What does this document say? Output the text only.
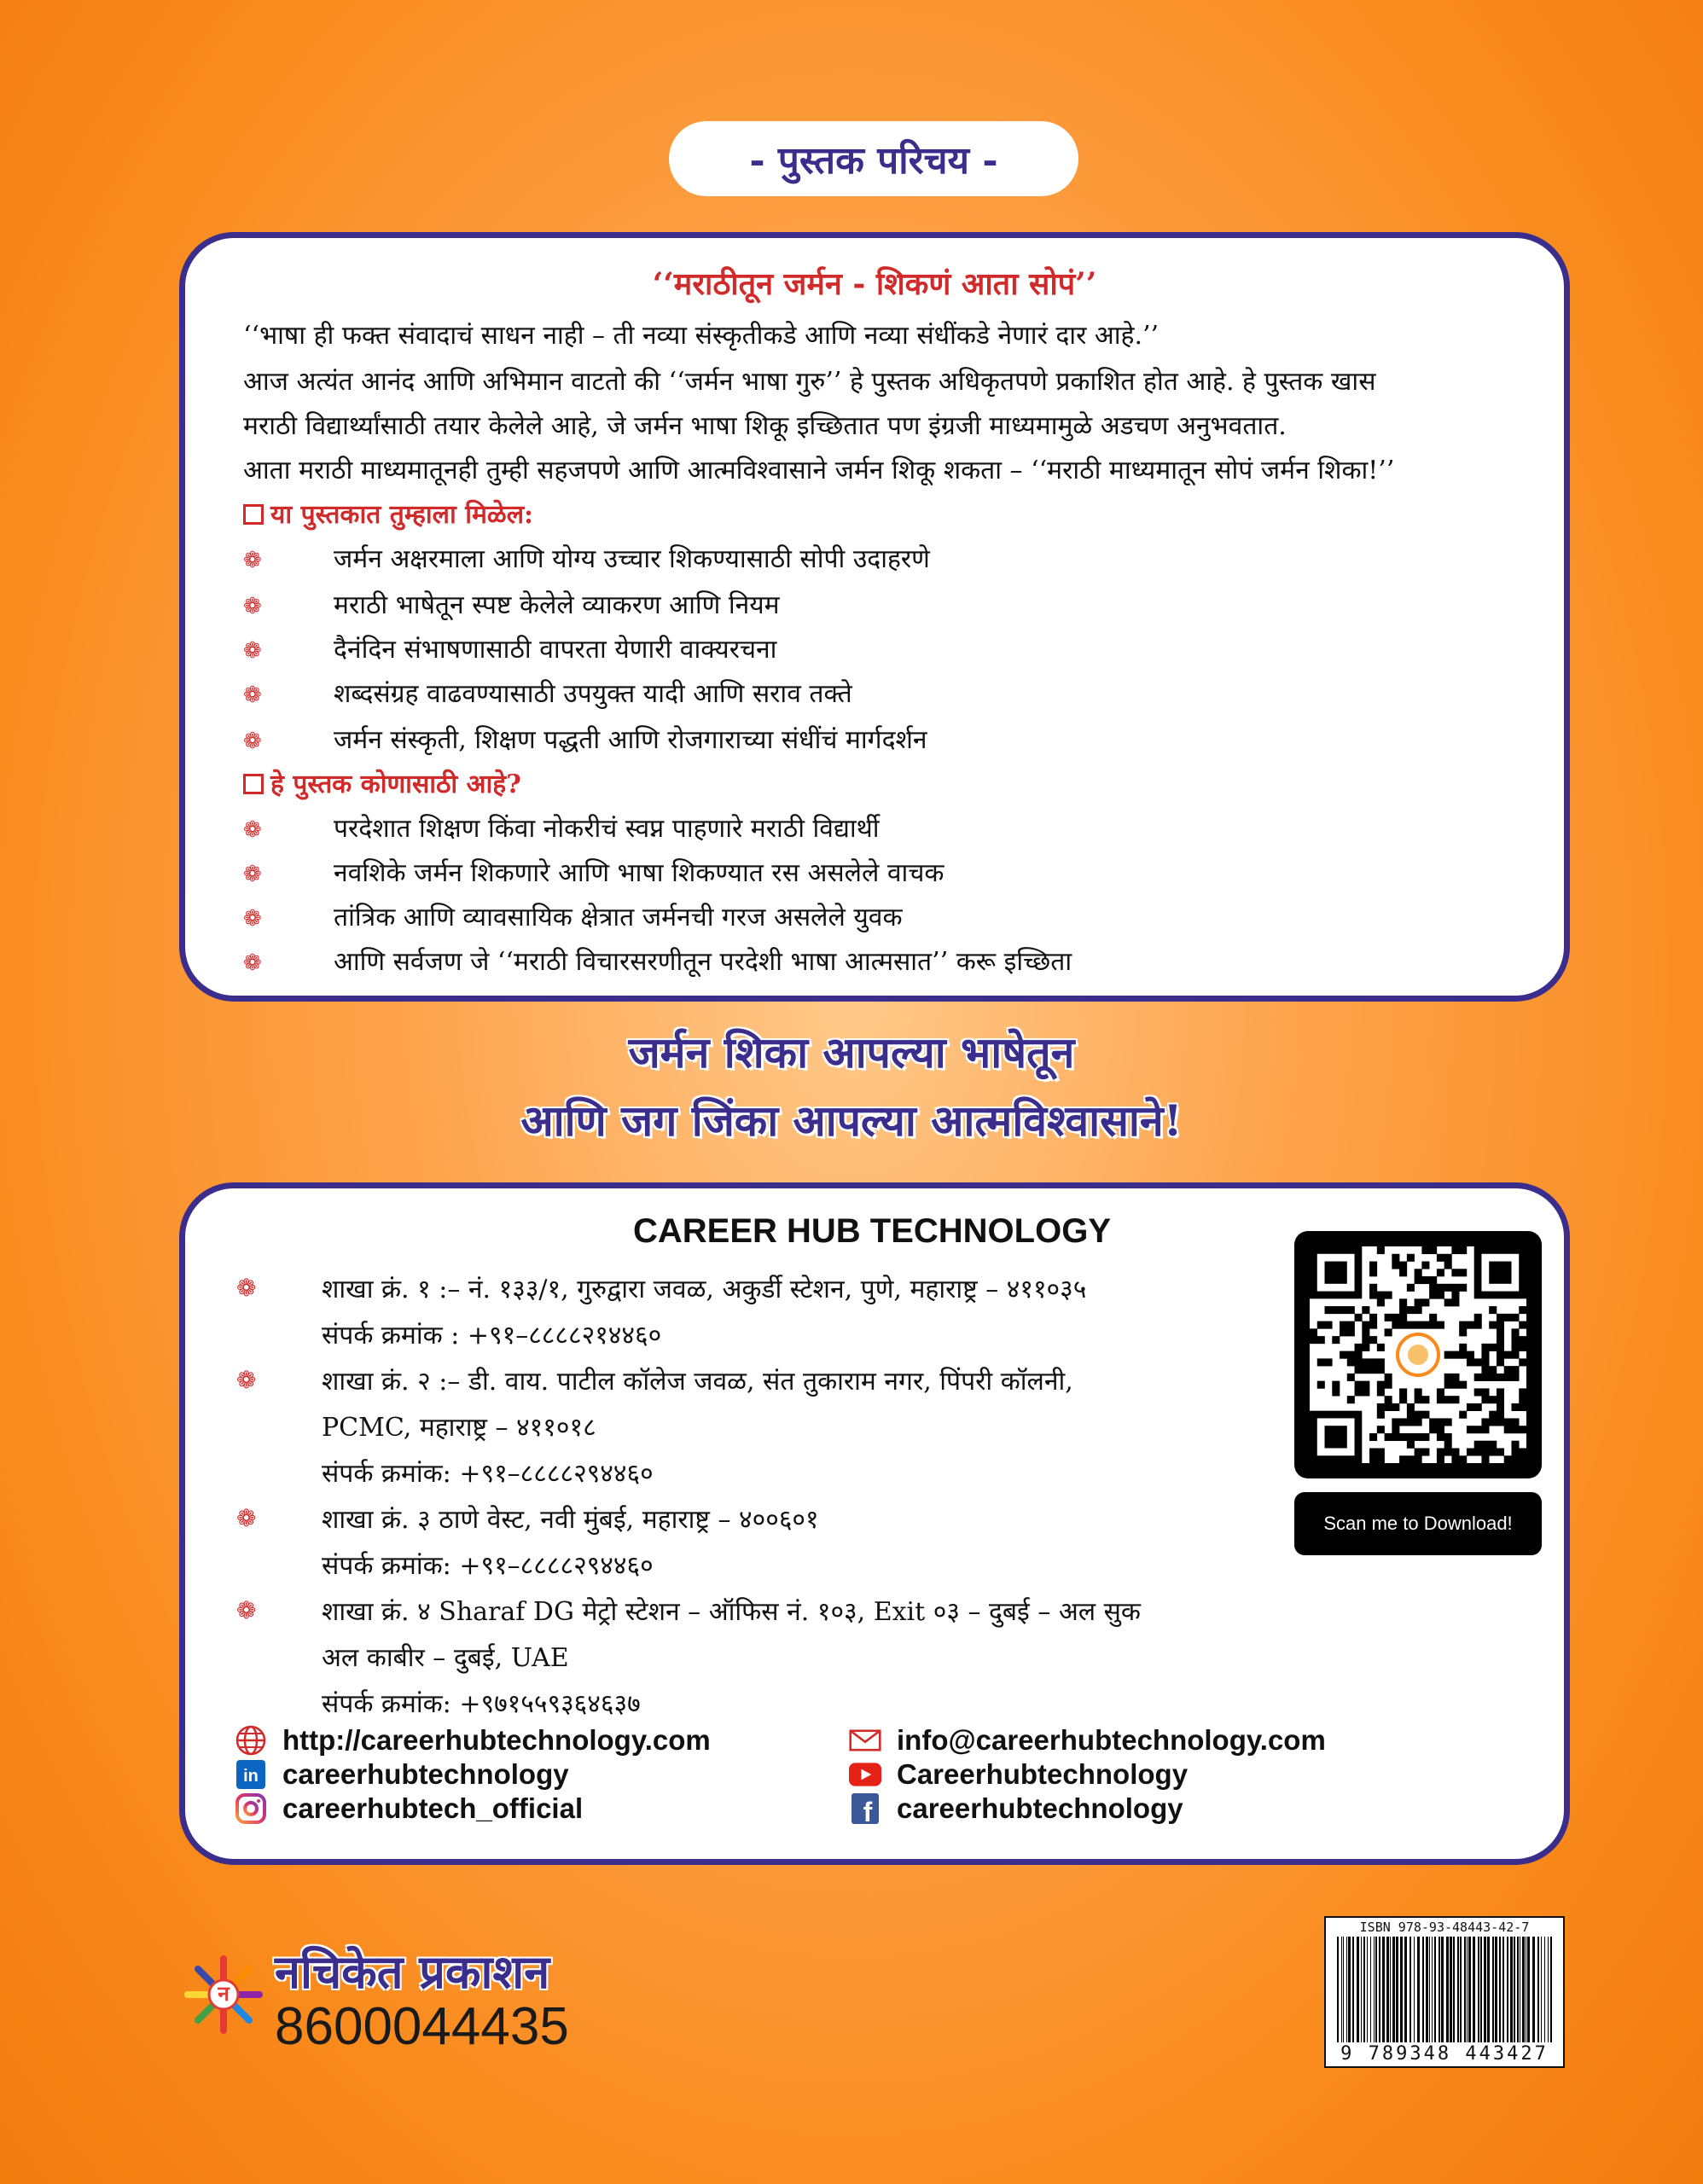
- पुस्तक परिचय -
‘‘मराठीतून जर्मन - शिकणं आता सोपं’’
‘‘भाषा ही फक्त संवादाचं साधन नाही – ती नव्या संस्कृतीकडे आणि नव्या संधींकडे नेणारं दार आहे.’’
आज अत्यंत आनंद आणि अभिमान वाटतो की ‘‘जर्मन भाषा गुरु’’ हे पुस्तक अधिकृतपणे प्रकाशित होत आहे. हे पुस्तक खास
मराठी विद्यार्थ्यांसाठी तयार केलेले आहे, जे जर्मन भाषा शिकू इच्छितात पण इंग्रजी माध्यमामुळे अडचण अनुभवतात.
आता मराठी माध्यमातूनही तुम्ही सहजपणे आणि आत्मविश्वासाने जर्मन शिकू शकता – ‘‘मराठी माध्यमातून सोपं जर्मन शिका!’’
या पुस्तकात तुम्हाला मिळेल:
❁	जर्मन अक्षरमाला आणि योग्य उच्चार शिकण्यासाठी सोपी उदाहरणे
❁	मराठी भाषेतून स्पष्ट केलेले व्याकरण आणि नियम
❁	दैनंदिन संभाषणासाठी वापरता येणारी वाक्यरचना
❁	शब्दसंग्रह वाढवण्यासाठी उपयुक्त यादी आणि सराव तक्ते
❁	जर्मन संस्कृती, शिक्षण पद्धती आणि रोजगाराच्या संधींचं मार्गदर्शन
हे पुस्तक कोणासाठी आहे?
❁	परदेशात शिक्षण किंवा नोकरीचं स्वप्न पाहणारे मराठी विद्यार्थी
❁	नवशिके जर्मन शिकणारे आणि भाषा शिकण्यात रस असलेले वाचक
❁	तांत्रिक आणि व्यावसायिक क्षेत्रात जर्मनची गरज असलेले युवक
❁	आणि सर्वजण जे ‘‘मराठी विचारसरणीतून परदेशी भाषा आत्मसात’’ करू इच्छिता
जर्मन शिका आपल्या भाषेतून
आणि जग जिंका आपल्या आत्मविश्वासाने!
CAREER HUB TECHNOLOGY
❁	शाखा क्रं. १ :– नं. १३३/१, गुरुद्वारा जवळ, अकुर्डी स्टेशन, पुणे, महाराष्ट्र – ४११०३५
संपर्क क्रमांक : +९१–८८८८२१४४६०
❁	शाखा क्रं. २ :– डी. वाय. पाटील कॉलेज जवळ, संत तुकाराम नगर, पिंपरी कॉलनी,
PCMC, महाराष्ट्र – ४११०१८
संपर्क क्रमांक: +९१–८८८८२९४४६०
❁	शाखा क्रं. ३ ठाणे वेस्ट, नवी मुंबई, महाराष्ट्र – ४००६०१
संपर्क क्रमांक: +९१–८८८८२९४४६०
❁	शाखा क्रं. ४ Sharaf DG मेट्रो स्टेशन – ऑफिस नं. १०३, Exit ०३ – दुबई – अल सुक
अल काबीर – दुबई, UAE
संपर्क क्रमांक: +९७१५५९३६४६३७
http://careerhubtechnology.com	info@careerhubtechnology.com
in careerhubtechnology	Careerhubtechnology
careerhubtech_official	f careerhubtechnology
Scan me to Download!
न नचिकेत प्रकाशन
8600044435
ISBN 978-93-48443-42-7
9 789348 443427
